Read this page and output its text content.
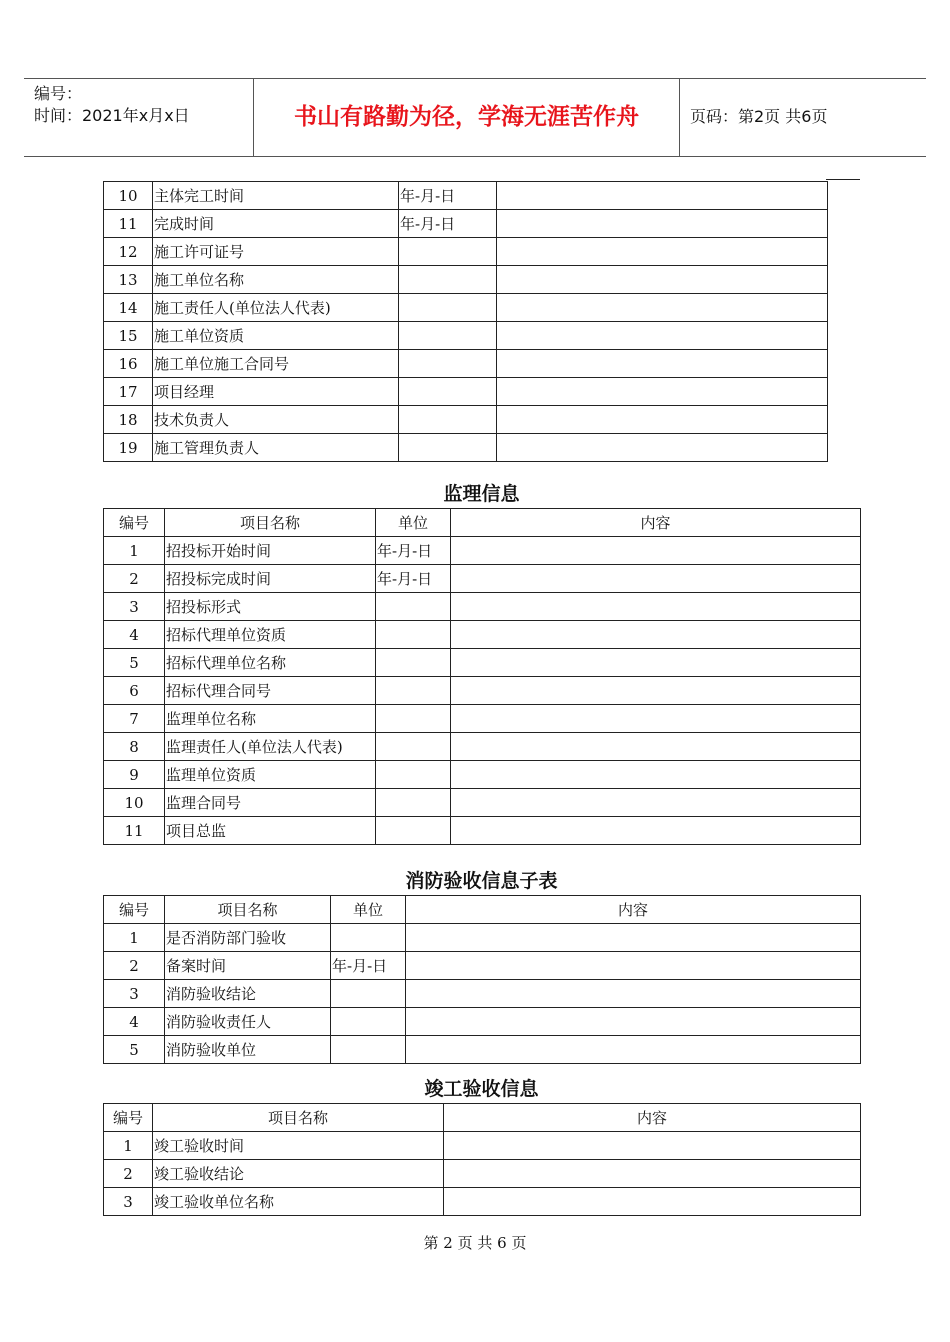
编号：
时间：2021年x月x日	书山有路勤为径，学海无涯苦作舟	页码：第2页 共6页
10	主体完工时间	年-月-日	
11	完成时间	年-月-日	
12	施工许可证号		
13	施工单位名称		
14	施工责任人(单位法人代表)		
15	施工单位资质		
16	施工单位施工合同号		
17	项目经理		
18	技术负责人		
19	施工管理负责人		
监理信息
编号	项目名称	单位	内容
1	招投标开始时间	年-月-日	
2	招投标完成时间	年-月-日	
3	招投标形式		
4	招标代理单位资质		
5	招标代理单位名称		
6	招标代理合同号		
7	监理单位名称		
8	监理责任人(单位法人代表)		
9	监理单位资质		
10	监理合同号		
11	项目总监		
消防验收信息子表
编号	项目名称	单位	内容
1	是否消防部门验收		
2	备案时间	年-月-日	
3	消防验收结论		
4	消防验收责任人		
5	消防验收单位		
竣工验收信息
编号	项目名称	内容
1	竣工验收时间	
2	竣工验收结论	
3	竣工验收单位名称	
第 2 页 共 6 页
